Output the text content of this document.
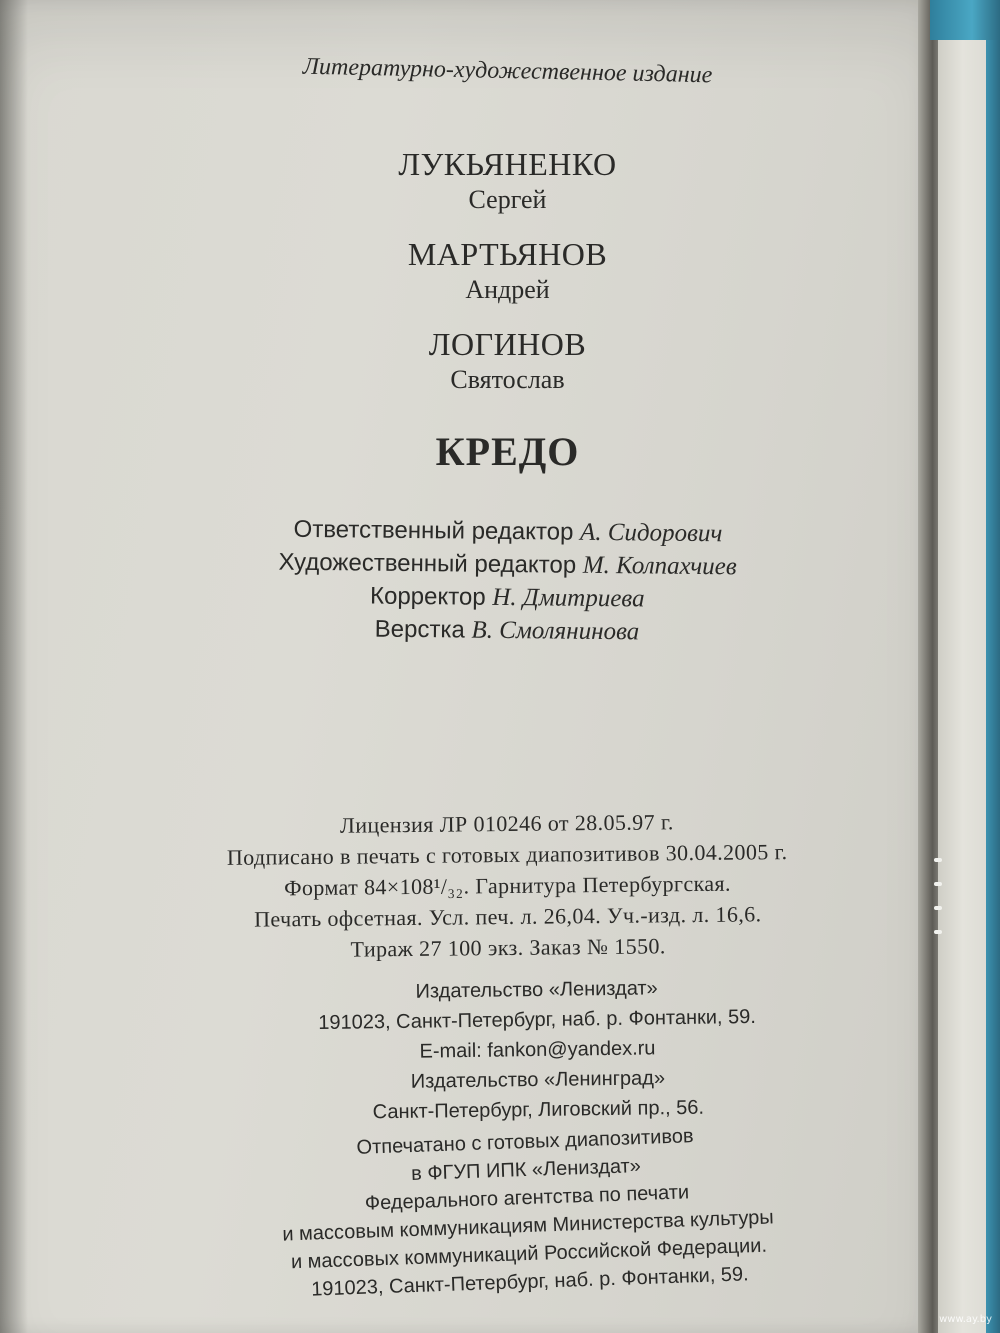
Литературно-художественное издание
ЛУКЬЯНЕНКО
Сергей
МАРТЬЯНОВ
Андрей
ЛОГИНОВ
Святослав
КРЕДО
Ответственный редактор А. Сидорович
Художественный редактор М. Колпахчиев
Корректор Н. Дмитриева
Верстка В. Смолянинова
Лицензия ЛР 010246 от 28.05.97 г.
Подписано в печать с готовых диапозитивов 30.04.2005 г.
Формат 84×108¹/₃₂. Гарнитура Петербургская.
Печать офсетная. Усл. печ. л. 26,04. Уч.-изд. л. 16,6.
Тираж 27 100 экз. Заказ № 1550.
Издательство «Лениздат»
191023, Санкт-Петербург, наб. р. Фонтанки, 59.
E-mail: fankon@yandex.ru
Издательство «Ленинград»
Санкт-Петербург, Лиговский пр., 56.
Отпечатано с готовых диапозитивов
в ФГУП ИПК «Лениздат»
Федерального агентства по печати
и массовым коммуникациям Министерства культуры
и массовых коммуникаций Российской Федерации.
191023, Санкт-Петербург, наб. р. Фонтанки, 59.
www.ay.by
